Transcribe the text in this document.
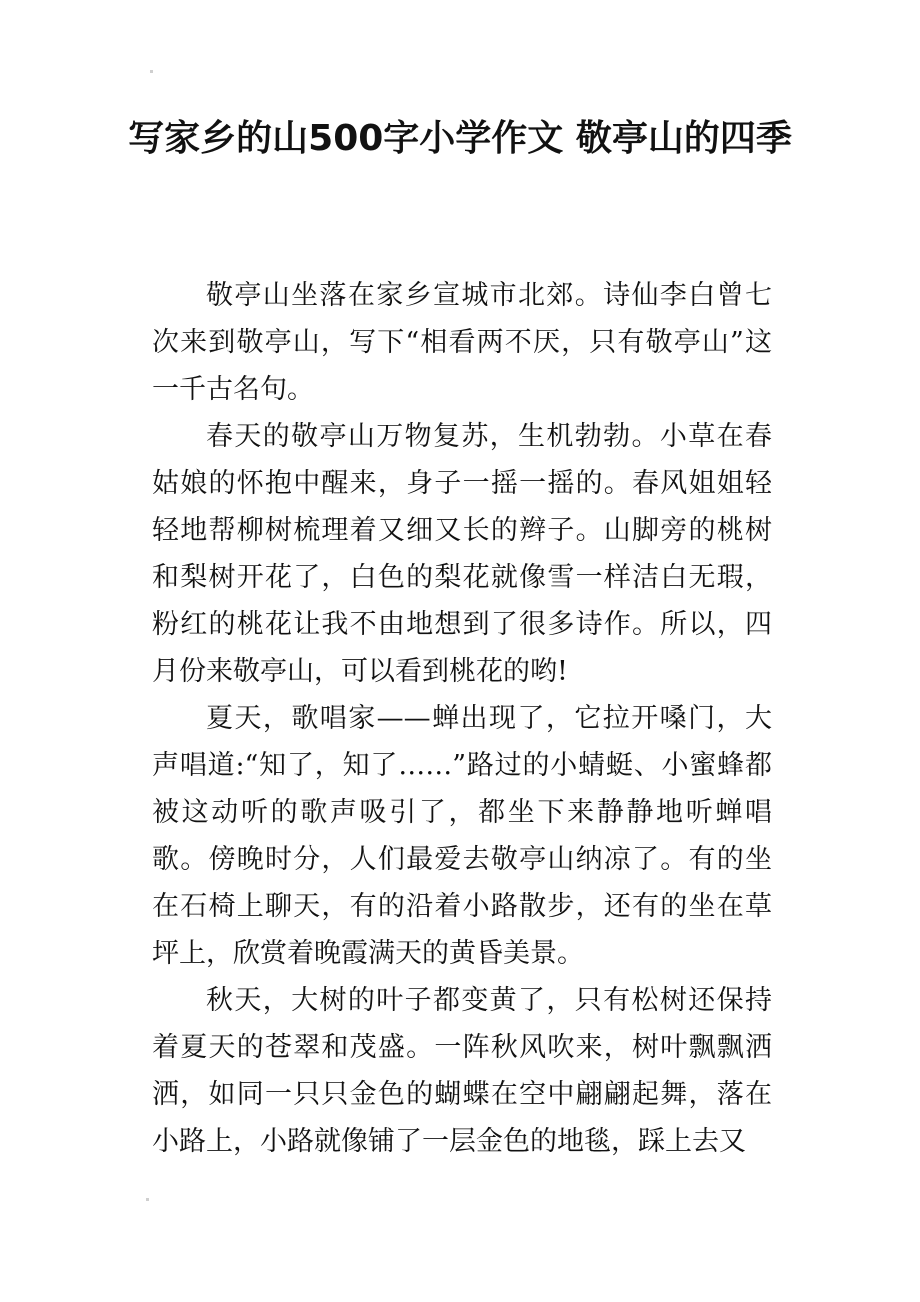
写家乡的山500字小学作文 敬亭山的四季

敬亭山坐落在家乡宣城市北郊。诗仙李白曾七次来到敬亭山，写下“相看两不厌，只有敬亭山”这一千古名句。

春天的敬亭山万物复苏，生机勃勃。小草在春姑娘的怀抱中醒来，身子一摇一摇的。春风姐姐轻轻地帮柳树梳理着又细又长的辫子。山脚旁的桃树和梨树开花了，白色的梨花就像雪一样洁白无瑕，粉红的桃花让我不由地想到了很多诗作。所以，四月份来敬亭山，可以看到桃花的哟!

夏天，歌唱家——蝉出现了，它拉开嗓门，大声唱道:“知了，知了……”路过的小蜻蜓、小蜜蜂都被这动听的歌声吸引了，都坐下来静静地听蝉唱歌。傍晚时分，人们最爱去敬亭山纳凉了。有的坐在石椅上聊天，有的沿着小路散步，还有的坐在草坪上，欣赏着晚霞满天的黄昏美景。

秋天，大树的叶子都变黄了，只有松树还保持着夏天的苍翠和茂盛。一阵秋风吹来，树叶飘飘洒洒，如同一只只金色的蝴蝶在空中翩翩起舞，落在小路上，小路就像铺了一层金色的地毯，踩上去又
